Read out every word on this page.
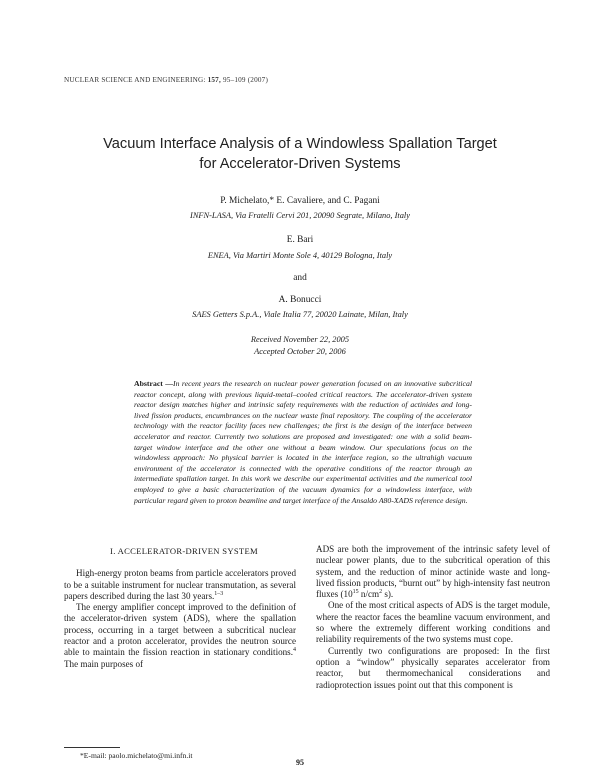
NUCLEAR SCIENCE AND ENGINEERING: 157, 95–109 (2007)
Vacuum Interface Analysis of a Windowless Spallation Target
for Accelerator-Driven Systems
P. Michelato,* E. Cavaliere, and C. Pagani
INFN-LASA, Via Fratelli Cervi 201, 20090 Segrate, Milano, Italy
E. Bari
ENEA, Via Martiri Monte Sole 4, 40129 Bologna, Italy
and
A. Bonucci
SAES Getters S.p.A., Viale Italia 77, 20020 Lainate, Milan, Italy
Received November 22, 2005
Accepted October 20, 2006
Abstract —In recent years the research on nuclear power generation focused on an innovative subcritical reactor concept, along with previous liquid-metal–cooled critical reactors. The accelerator-driven system reactor design matches higher and intrinsic safety requirements with the reduction of actinides and long-lived fission products, encumbrances on the nuclear waste final repository. The coupling of the accelerator technology with the reactor facility faces new challenges; the first is the design of the interface between accelerator and reactor. Currently two solutions are proposed and investigated: one with a solid beam-target window interface and the other one without a beam window. Our speculations focus on the windowless approach: No physical barrier is located in the interface region, so the ultrahigh vacuum environment of the accelerator is connected with the operative conditions of the reactor through an intermediate spallation target. In this work we describe our experimental activities and the numerical tool employed to give a basic characterization of the vacuum dynamics for a windowless interface, with particular regard given to proton beamline and target interface of the Ansaldo A80-XADS reference design.
I. ACCELERATOR-DRIVEN SYSTEM

High-energy proton beams from particle accelerators proved to be a suitable instrument for nuclear transmutation, as several papers described during the last 30 years.$^{1-3}$

The energy amplifier concept improved to the definition of the accelerator-driven system (ADS), where the spallation process, occurring in a target between a subcritical nuclear reactor and a proton accelerator, provides the neutron source able to maintain the fission reaction in stationary conditions.$^4$ The main purposes of

ADS are both the improvement of the intrinsic safety level of nuclear power plants, due to the subcritical operation of this system, and the reduction of minor actinide waste and long-lived fission products, “burnt out” by high-intensity fast neutron fluxes ($10^{15}$ $n/cm^2$ s).

One of the most critical aspects of ADS is the target module, where the reactor faces the beamline vacuum environment, and so where the extremely different working conditions and reliability requirements of the two systems must cope.

Currently two configurations are proposed: In the first option a “window” physically separates accelerator from reactor, but thermomechanical considerations and radioprotection issues point out that this component is

*E-mail: paolo.michelato@mi.infn.it
95
